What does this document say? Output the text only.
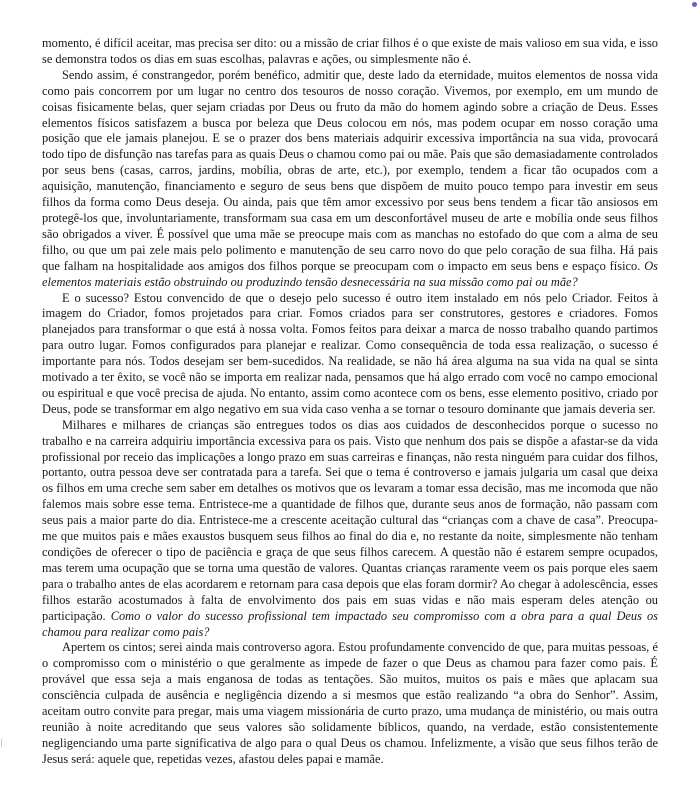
momento, é difícil aceitar, mas precisa ser dito: ou a missão de criar filhos é o que existe de mais valioso em sua vida, e isso se demonstra todos os dias em suas escolhas, palavras e ações, ou simplesmente não é.

Sendo assim, é constrangedor, porém benéfico, admitir que, deste lado da eternidade, muitos elementos de nossa vida como pais concorrem por um lugar no centro dos tesouros de nosso coração. Vivemos, por exemplo, em um mundo de coisas fisicamente belas, quer sejam criadas por Deus ou fruto da mão do homem agindo sobre a criação de Deus. Esses elementos físicos satisfazem a busca por beleza que Deus colocou em nós, mas podem ocupar em nosso coração uma posição que ele jamais planejou. E se o prazer dos bens materiais adquirir excessiva importância na sua vida, provocará todo tipo de disfunção nas tarefas para as quais Deus o chamou como pai ou mãe. Pais que são demasiadamente controlados por seus bens (casas, carros, jardins, mobília, obras de arte, etc.), por exemplo, tendem a ficar tão ocupados com a aquisição, manutenção, financiamento e seguro de seus bens que dispõem de muito pouco tempo para investir em seus filhos da forma como Deus deseja. Ou ainda, pais que têm amor excessivo por seus bens tendem a ficar tão ansiosos em protegê-los que, involuntariamente, transformam sua casa em um desconfortável museu de arte e mobília onde seus filhos são obrigados a viver. É possível que uma mãe se preocupe mais com as manchas no estofado do que com a alma de seu filho, ou que um pai zele mais pelo polimento e manutenção de seu carro novo do que pelo coração de sua filha. Há pais que falham na hospitalidade aos amigos dos filhos porque se preocupam com o impacto em seus bens e espaço físico. Os elementos materiais estão obstruindo ou produzindo tensão desnecessária na sua missão como pai ou mãe?

E o sucesso? Estou convencido de que o desejo pelo sucesso é outro item instalado em nós pelo Criador. Feitos à imagem do Criador, fomos projetados para criar. Fomos criados para ser construtores, gestores e criadores. Fomos planejados para transformar o que está à nossa volta. Fomos feitos para deixar a marca de nosso trabalho quando partimos para outro lugar. Fomos configurados para planejar e realizar. Como consequência de toda essa realização, o sucesso é importante para nós. Todos desejam ser bem-sucedidos. Na realidade, se não há área alguma na sua vida na qual se sinta motivado a ter êxito, se você não se importa em realizar nada, pensamos que há algo errado com você no campo emocional ou espiritual e que você precisa de ajuda. No entanto, assim como acontece com os bens, esse elemento positivo, criado por Deus, pode se transformar em algo negativo em sua vida caso venha a se tornar o tesouro dominante que jamais deveria ser.

Milhares e milhares de crianças são entregues todos os dias aos cuidados de desconhecidos porque o sucesso no trabalho e na carreira adquiriu importância excessiva para os pais. Visto que nenhum dos pais se dispõe a afastar-se da vida profissional por receio das implicações a longo prazo em suas carreiras e finanças, não resta ninguém para cuidar dos filhos, portanto, outra pessoa deve ser contratada para a tarefa. Sei que o tema é controverso e jamais julgaria um casal que deixa os filhos em uma creche sem saber em detalhes os motivos que os levaram a tomar essa decisão, mas me incomoda que não falemos mais sobre esse tema. Entristece-me a quantidade de filhos que, durante seus anos de formação, não passam com seus pais a maior parte do dia. Entristece-me a crescente aceitação cultural das “crianças com a chave de casa”. Preocupa-me que muitos pais e mães exaustos busquem seus filhos ao final do dia e, no restante da noite, simplesmente não tenham condições de oferecer o tipo de paciência e graça de que seus filhos carecem. A questão não é estarem sempre ocupados, mas terem uma ocupação que se torna uma questão de valores. Quantas crianças raramente veem os pais porque eles saem para o trabalho antes de elas acordarem e retornam para casa depois que elas foram dormir? Ao chegar à adolescência, esses filhos estarão acostumados à falta de envolvimento dos pais em suas vidas e não mais esperam deles atenção ou participação. Como o valor do sucesso profissional tem impactado seu compromisso com a obra para a qual Deus os chamou para realizar como pais?

Apertem os cintos; serei ainda mais controverso agora. Estou profundamente convencido de que, para muitas pessoas, é o compromisso com o ministério o que geralmente as impede de fazer o que Deus as chamou para fazer como pais. É provável que essa seja a mais enganosa de todas as tentações. São muitos, muitos os pais e mães que aplacam sua consciência culpada de ausência e negligência dizendo a si mesmos que estão realizando “a obra do Senhor”. Assim, aceitam outro convite para pregar, mais uma viagem missionária de curto prazo, uma mudança de ministério, ou mais outra reunião à noite acreditando que seus valores são solidamente bíblicos, quando, na verdade, estão consistentemente negligenciando uma parte significativa de algo para o qual Deus os chamou. Infelizmente, a visão que seus filhos terão de Jesus será: aquele que, repetidas vezes, afastou deles papai e mamãe.
